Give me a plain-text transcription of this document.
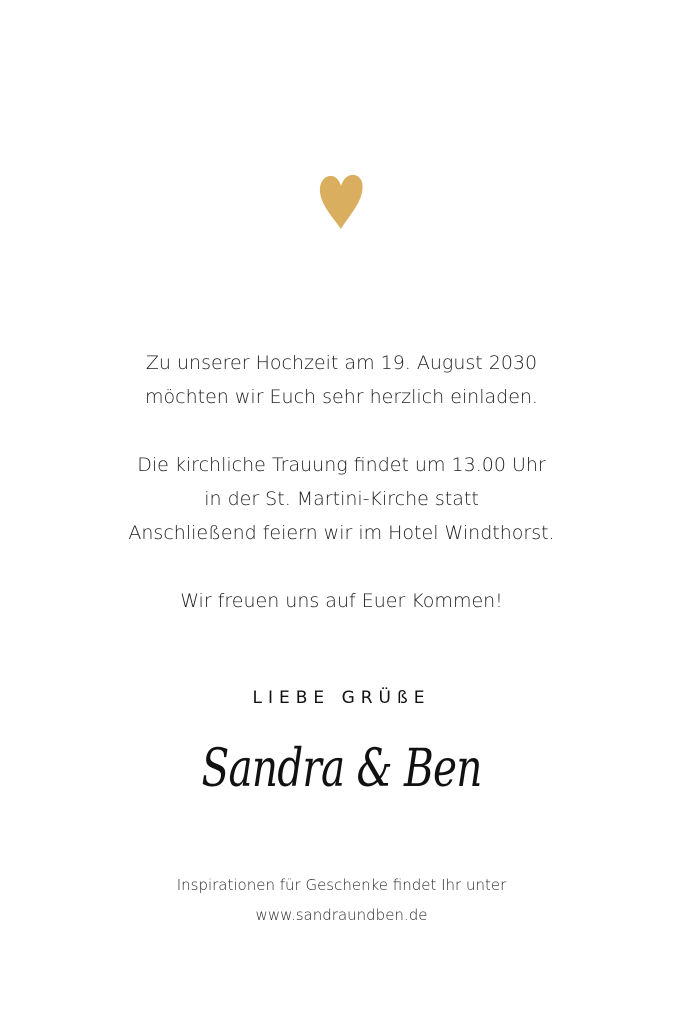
Zu unserer Hochzeit am 19. August 2030
möchten wir Euch sehr herzlich einladen.
Die kirchliche Trauung findet um 13.00 Uhr
in der St. Martini-Kirche statt
Anschließend feiern wir im Hotel Windthorst.
Wir freuen uns auf Euer Kommen!
LIEBE GRÜßE
Sandra & Ben
Inspirationen für Geschenke findet Ihr unter
www.sandraundben.de
